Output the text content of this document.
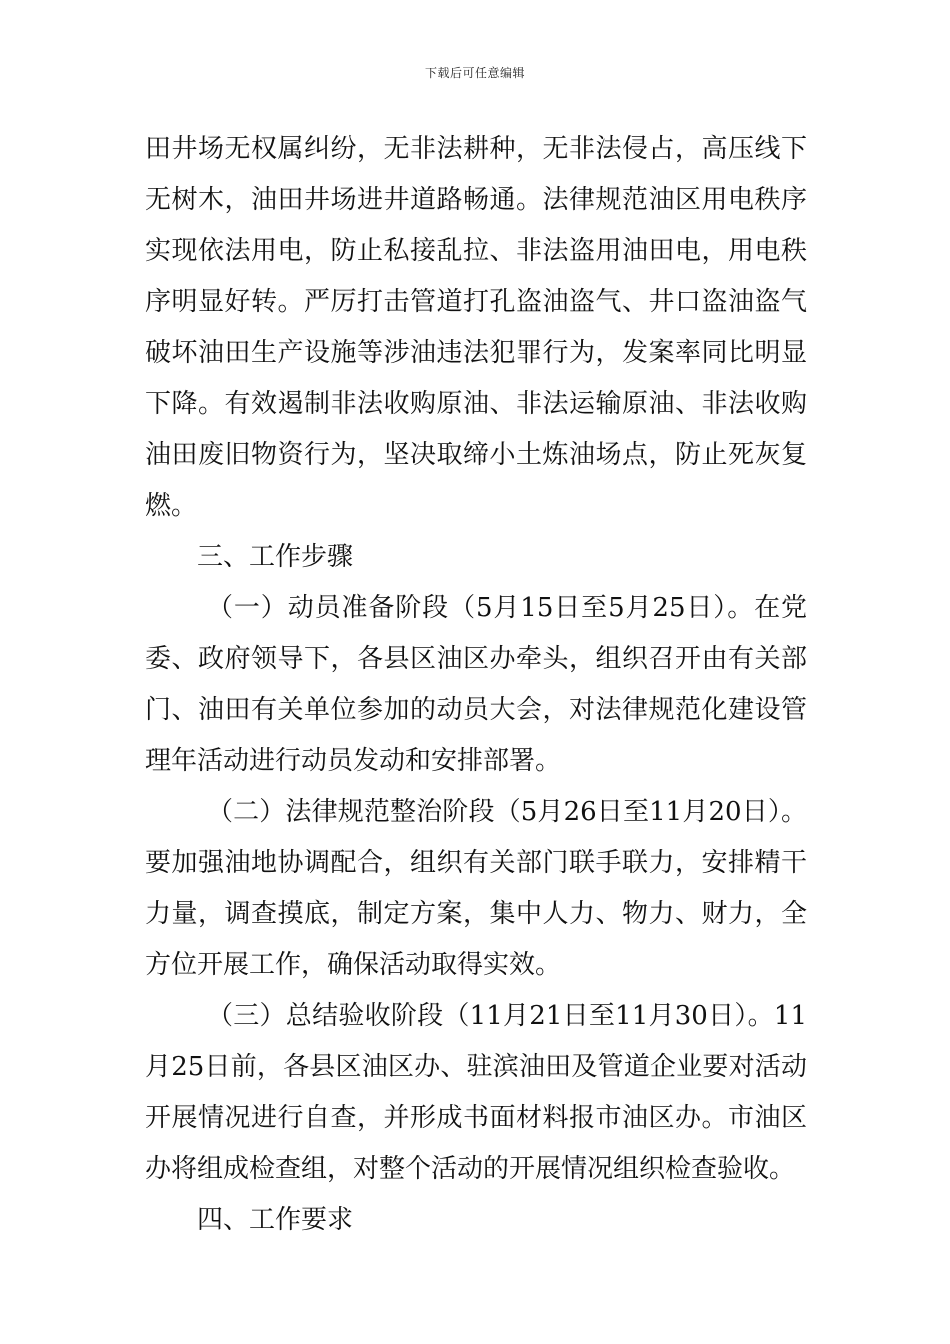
下载后可任意编辑

田井场无权属纠纷，无非法耕种，无非法侵占，高压线下无树木，油田井场进井道路畅通。法律规范油区用电秩序实现依法用电，防止私接乱拉、非法盗用油田电，用电秩序明显好转。严厉打击管道打孔盗油盗气、井口盗油盗气破坏油田生产设施等涉油违法犯罪行为，发案率同比明显下降。有效遏制非法收购原油、非法运输原油、非法收购油田废旧物资行为，坚决取缔小土炼油场点，防止死灰复燃。

三、工作步骤

（一）动员准备阶段（5月15日至5月25日）。在党委、政府领导下，各县区油区办牵头，组织召开由有关部门、油田有关单位参加的动员大会，对法律规范化建设管理年活动进行动员发动和安排部署。

（二）法律规范整治阶段（5月26日至11月20日）。要加强油地协调配合，组织有关部门联手联力，安排精干力量，调查摸底，制定方案，集中人力、物力、财力，全方位开展工作，确保活动取得实效。

（三）总结验收阶段（11月21日至11月30日）。11月25日前，各县区油区办、驻滨油田及管道企业要对活动开展情况进行自查，并形成书面材料报市油区办。市油区办将组成检查组，对整个活动的开展情况组织检查验收。

四、工作要求
